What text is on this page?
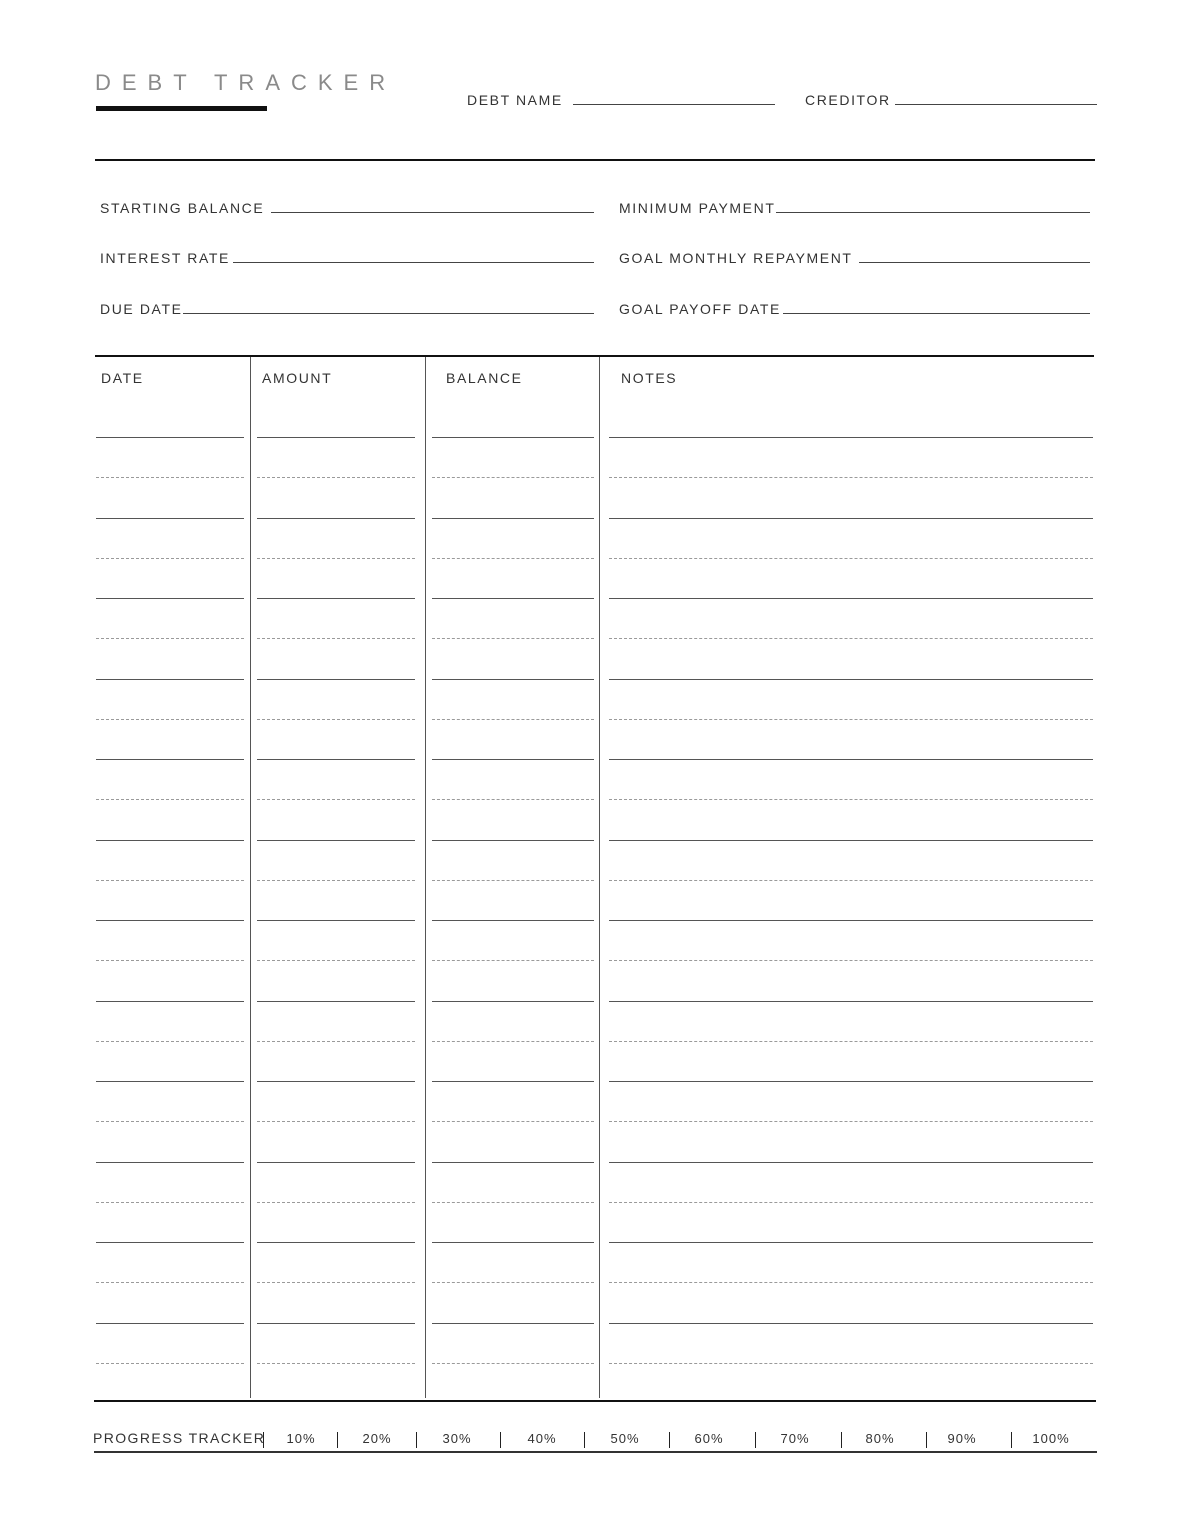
DEBT TRACKER
DEBT NAME	CREDITOR
STARTING BALANCE
INTEREST RATE
DUE DATE
MINIMUM PAYMENT
GOAL MONTHLY REPAYMENT
GOAL PAYOFF DATE
DATE	AMOUNT	BALANCE	NOTES
PROGRESS TRACKER	10%	20%	30%	40%	50%	60%	70%	80%	90%	100%
